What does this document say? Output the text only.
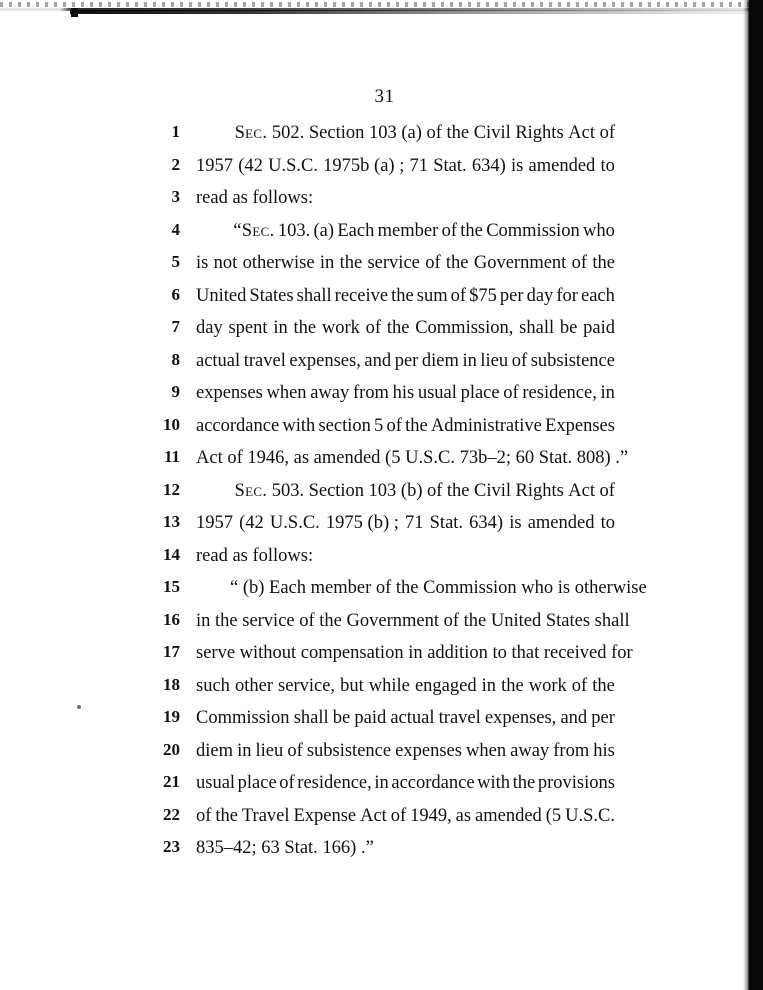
31
1	Sec. 502. Section 103 (a) of the Civil Rights Act of
2 1957 (42 U.S.C. 1975b (a) ; 71 Stat. 634) is amended to
3 read as follows:
4	“Sec. 103. (a) Each member of the Commission who
5 is not otherwise in the service of the Government of the
6 United States shall receive the sum of $75 per day for each
7 day spent in the work of the Commission, shall be paid
8 actual travel expenses, and per diem in lieu of subsistence
9 expenses when away from his usual place of residence, in
10 accordance with section 5 of the Administrative Expenses
11 Act of 1946, as amended (5 U.S.C. 73b–2; 60 Stat. 808) .”
12	Sec. 503. Section 103 (b) of the Civil Rights Act of
13 1957 (42 U.S.C. 1975 (b) ; 71 Stat. 634) is amended to
14 read as follows:
15	“ (b) Each member of the Commission who is otherwise
16 in the service of the Government of the United States shall
17 serve without compensation in addition to that received for
18 such other service, but while engaged in the work of the
19 Commission shall be paid actual travel expenses, and per
20 diem in lieu of subsistence expenses when away from his
21 usual place of residence, in accordance with the provisions
22 of the Travel Expense Act of 1949, as amended (5 U.S.C.
23 835–42; 63 Stat. 166) .”
